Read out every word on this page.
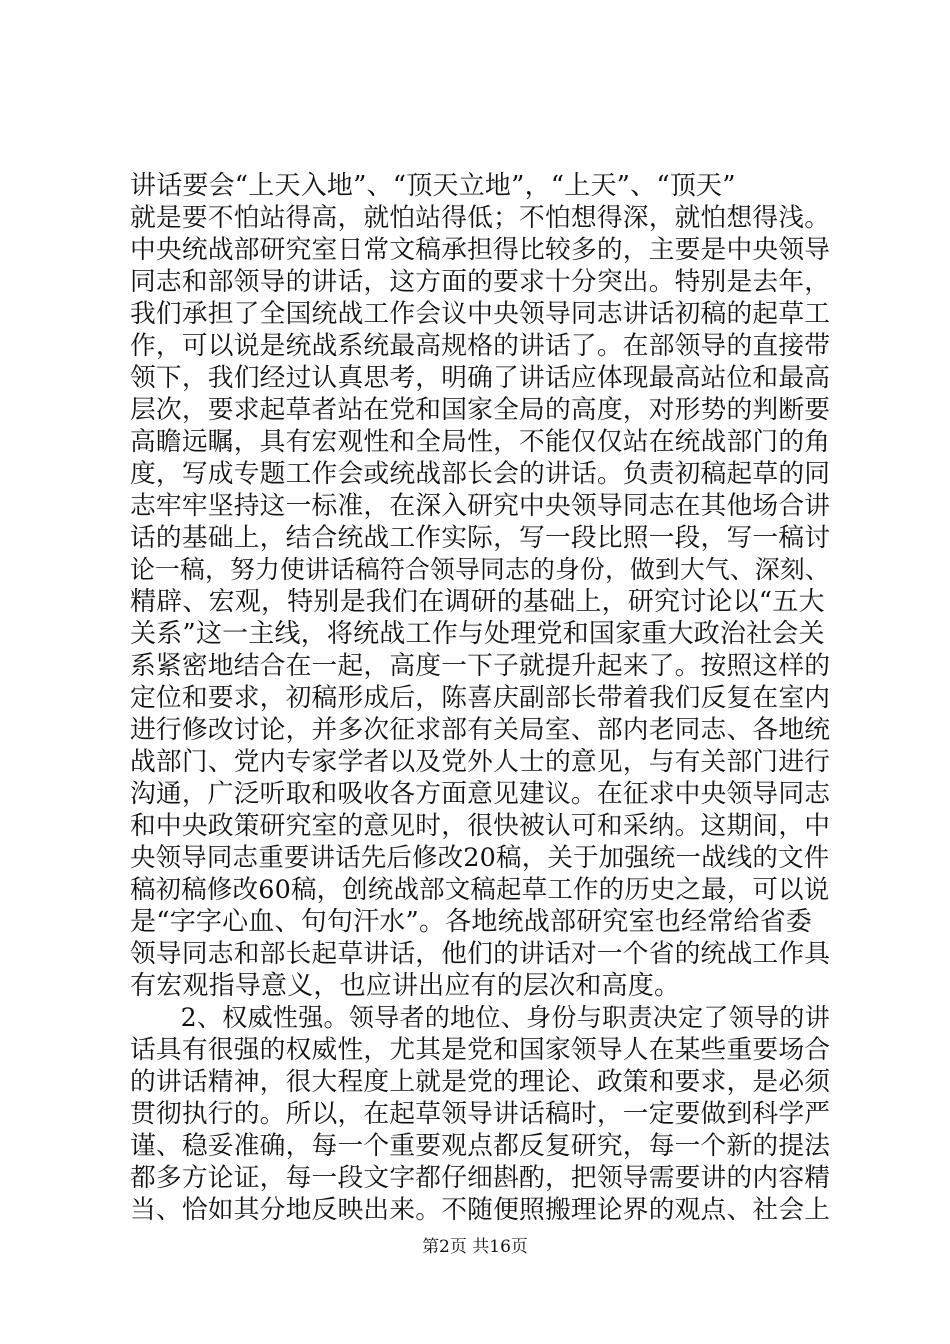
讲话要会“上天入地”、“顶天立地”，“上天”、“顶天”
就是要不怕站得高，就怕站得低；不怕想得深，就怕想得浅。
中央统战部研究室日常文稿承担得比较多的，主要是中央领导
同志和部领导的讲话，这方面的要求十分突出。特别是去年，
我们承担了全国统战工作会议中央领导同志讲话初稿的起草工
作，可以说是统战系统最高规格的讲话了。在部领导的直接带
领下，我们经过认真思考，明确了讲话应体现最高站位和最高
层次，要求起草者站在党和国家全局的高度，对形势的判断要
高瞻远瞩，具有宏观性和全局性，不能仅仅站在统战部门的角
度，写成专题工作会或统战部长会的讲话。负责初稿起草的同
志牢牢坚持这一标准，在深入研究中央领导同志在其他场合讲
话的基础上，结合统战工作实际，写一段比照一段，写一稿讨
论一稿，努力使讲话稿符合领导同志的身份，做到大气、深刻、
精辟、宏观，特别是我们在调研的基础上，研究讨论以“五大
关系”这一主线，将统战工作与处理党和国家重大政治社会关
系紧密地结合在一起，高度一下子就提升起来了。按照这样的
定位和要求，初稿形成后，陈喜庆副部长带着我们反复在室内
进行修改讨论，并多次征求部有关局室、部内老同志、各地统
战部门、党内专家学者以及党外人士的意见，与有关部门进行
沟通，广泛听取和吸收各方面意见建议。在征求中央领导同志
和中央政策研究室的意见时，很快被认可和采纳。这期间，中
央领导同志重要讲话先后修改20稿，关于加强统一战线的文件
稿初稿修改60稿，创统战部文稿起草工作的历史之最，可以说
是“字字心血、句句汗水”。各地统战部研究室也经常给省委
领导同志和部长起草讲话，他们的讲话对一个省的统战工作具
有宏观指导意义，也应讲出应有的层次和高度。
　　2、权威性强。领导者的地位、身份与职责决定了领导的讲
话具有很强的权威性，尤其是党和国家领导人在某些重要场合
的讲话精神，很大程度上就是党的理论、政策和要求，是必须
贯彻执行的。所以，在起草领导讲话稿时，一定要做到科学严
谨、稳妥准确，每一个重要观点都反复研究，每一个新的提法
都多方论证，每一段文字都仔细斟酌，把领导需要讲的内容精
当、恰如其分地反映出来。不随便照搬理论界的观点、社会上
第2页 共16页
